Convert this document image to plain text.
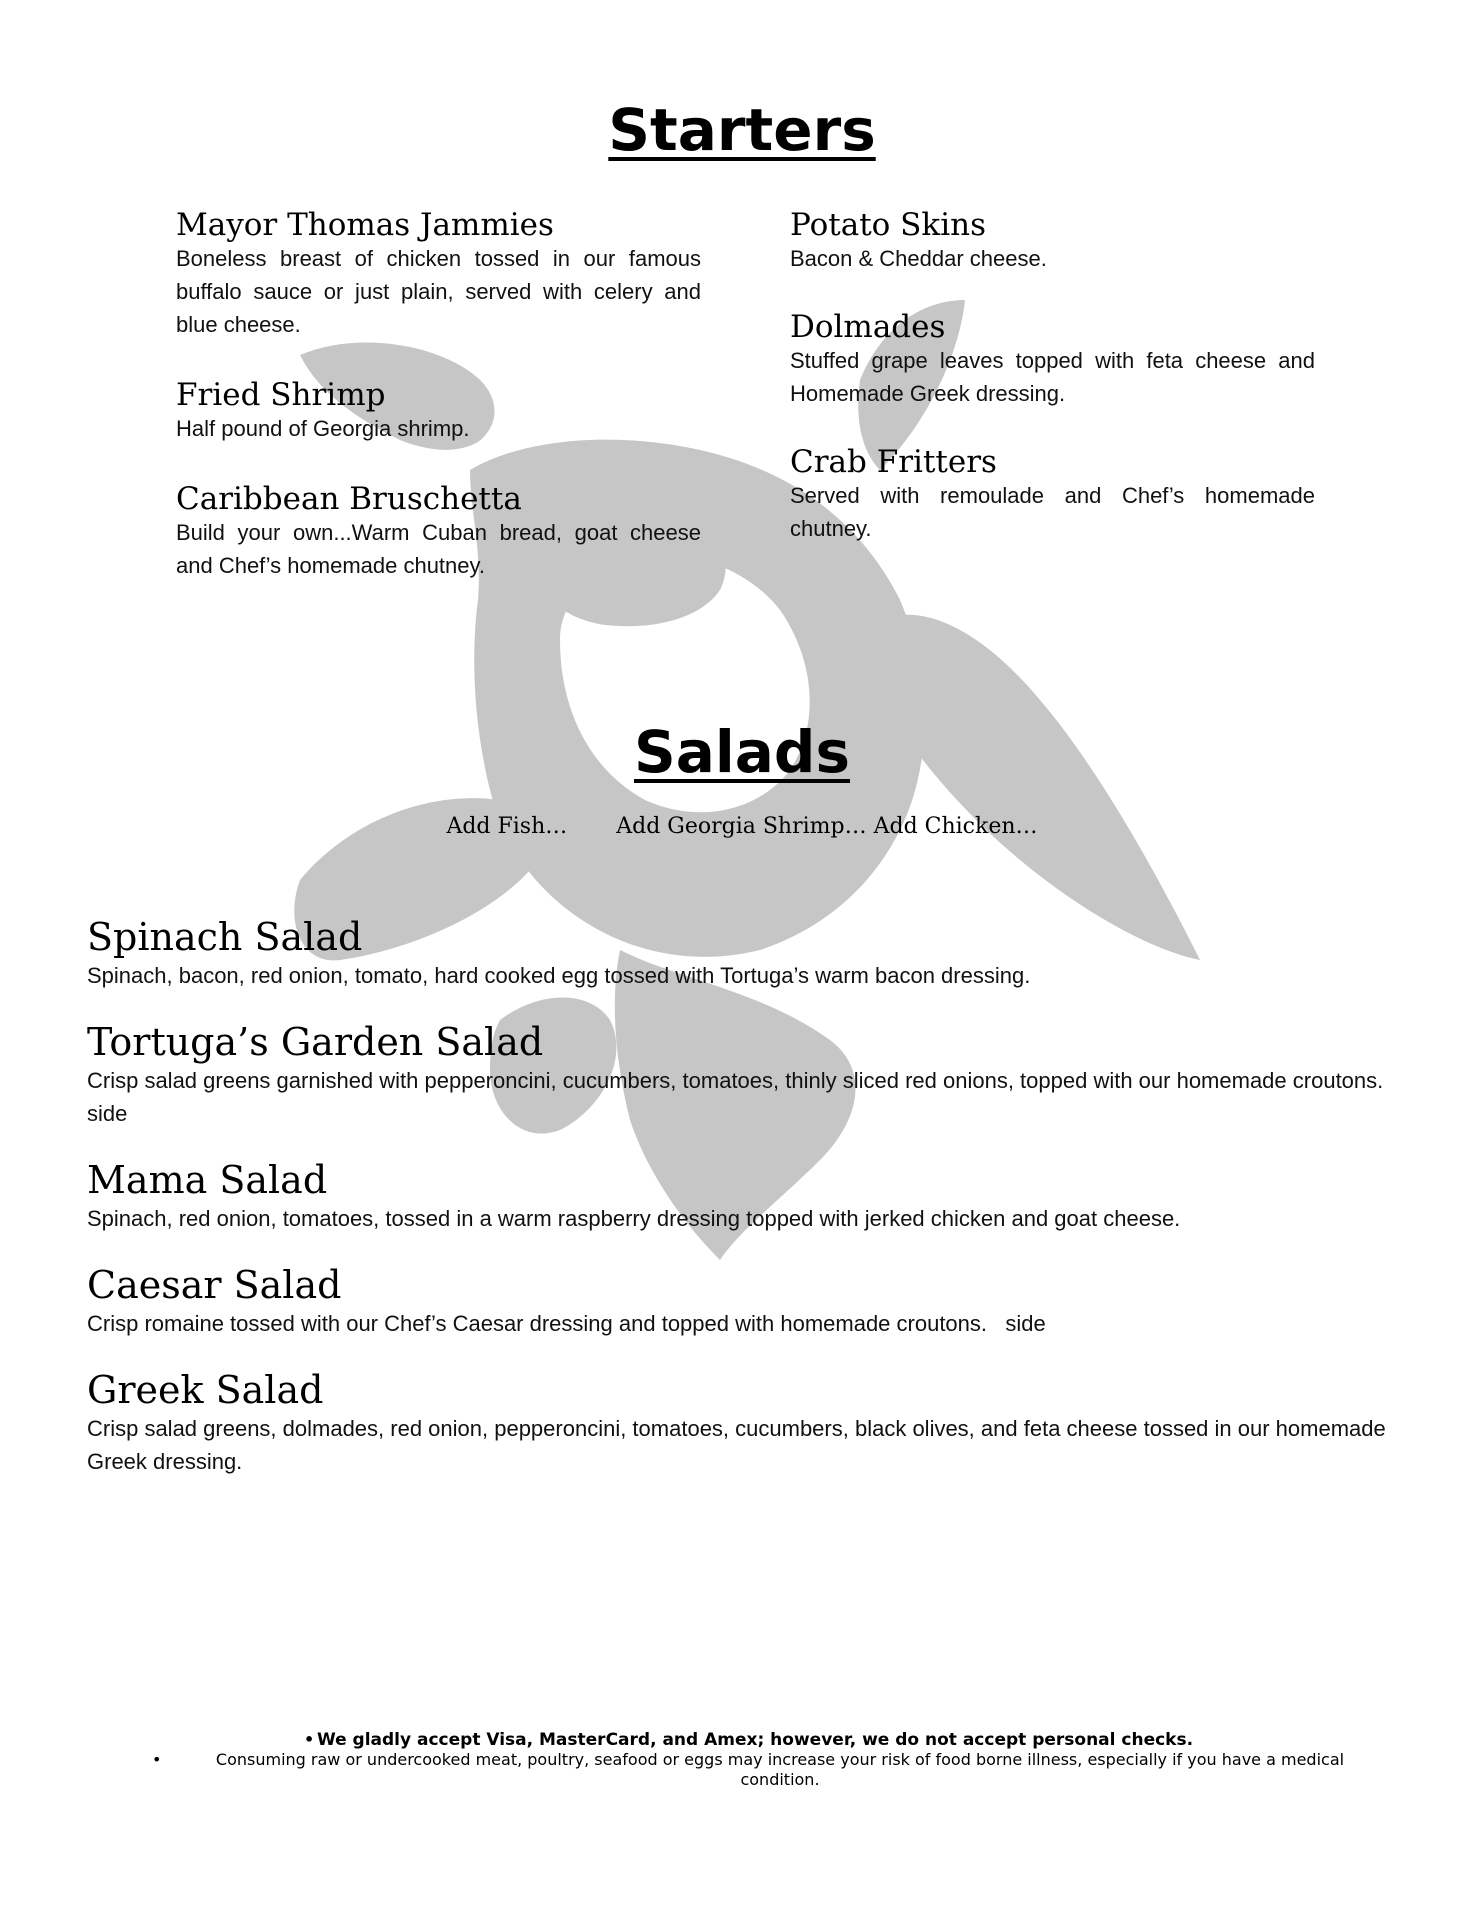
Starters

Mayor Thomas Jammies

Boneless breast of chicken tossed in our famous buffalo sauce or just plain, served with celery and blue cheese.

Fried Shrimp

Half pound of Georgia shrimp.

Caribbean Bruschetta

Build your own...Warm Cuban bread, goat cheese and Chef’s homemade chutney.

Potato Skins

Bacon & Cheddar cheese.

Dolmades

Stuffed grape leaves topped with feta cheese and Homemade Greek dressing.

Crab Fritters

Served with remoulade and Chef’s homemade chutney.

Salads
Add Fish… Add Georgia Shrimp… Add Chicken…

Spinach Salad

Spinach, bacon, red onion, tomato, hard cooked egg tossed with Tortuga’s warm bacon dressing.

Tortuga’s Garden Salad

Crisp salad greens garnished with pepperoncini, cucumbers, tomatoes, thinly sliced red onions, topped with our homemade croutons.   side

Mama Salad

Spinach, red onion, tomatoes, tossed in a warm raspberry dressing topped with jerked chicken and goat cheese.

Caesar Salad

Crisp romaine tossed with our Chef’s Caesar dressing and topped with homemade croutons.   side

Greek Salad

Crisp salad greens, dolmades, red onion, pepperoncini, tomatoes, cucumbers, black olives, and feta cheese tossed in our homemade Greek dressing.

• We gladly accept Visa, MasterCard, and Amex; however, we do not accept personal checks.
•	Consuming raw or undercooked meat, poultry, seafood or eggs may increase your risk of food borne illness, especially if you have a medical condition.
